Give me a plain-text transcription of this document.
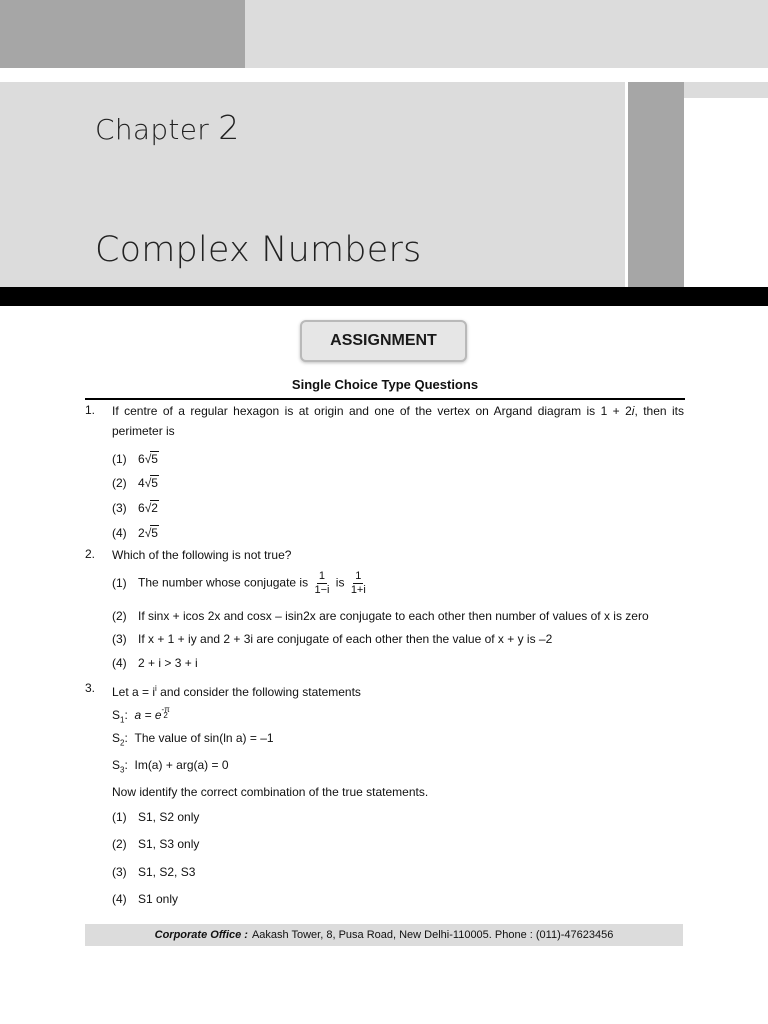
Chapter 2
Complex Numbers
ASSIGNMENT
Single Choice Type Questions
1. If centre of a regular hexagon is at origin and one of the vertex on Argand diagram is 1 + 2i, then its perimeter is
(1) 6√5
(2) 4√5
(3) 6√2
(4) 2√5
2. Which of the following is not true?
(1) The number whose conjugate is $\frac{1}{1-i}$ is $\frac{1}{1+i}$
(2) If sinx + icos 2x and cosx – isin2x are conjugate to each other then number of values of x is zero
(3) If x + 1 + iy and 2 + 3i are conjugate of each other then the value of x + y is –2
(4) 2 + i > 3 + i
3. Let $a = i^i$ and consider the following statements
$S_1$:  a = e -π
2
$S_2$:  The value of sin(ln a) = –1
$S_3$:  Im(a) + arg(a) = 0
Now identify the correct combination of the true statements.
(1) S1, S2 only
(2) S1, S3 only
(3) S1, S2, S3
(4) S1 only
Corporate Office : Aakash Tower, 8, Pusa Road, New Delhi-110005. Phone : (011)-47623456
